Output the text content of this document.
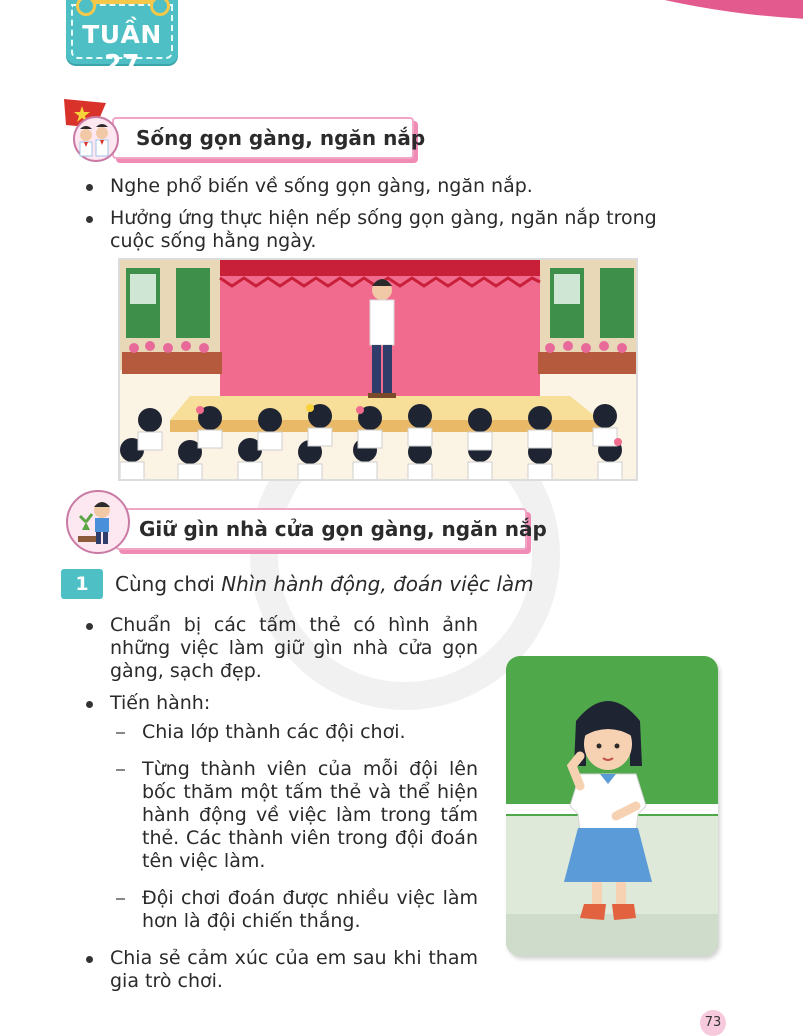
TUẦN 27
Sống gọn gàng, ngăn nắp
Nghe phổ biến về sống gọn gàng, ngăn nắp.
Hưởng ứng thực hiện nếp sống gọn gàng, ngăn nắp trong cuộc sống hằng ngày.
Giữ gìn nhà cửa gọn gàng, ngăn nắp
1	Cùng chơi Nhìn hành động, đoán việc làm
Chuẩn bị các tấm thẻ có hình ảnh những việc làm giữ gìn nhà cửa gọn gàng, sạch đẹp.
Tiến hành:
Chia lớp thành các đội chơi.
Từng thành viên của mỗi đội lên bốc thăm một tấm thẻ và thể hiện hành động về việc làm trong tấm thẻ. Các thành viên trong đội đoán tên việc làm.
Đội chơi đoán được nhiều việc làm hơn là đội chiến thắng.
Chia sẻ cảm xúc của em sau khi tham gia trò chơi.
73
